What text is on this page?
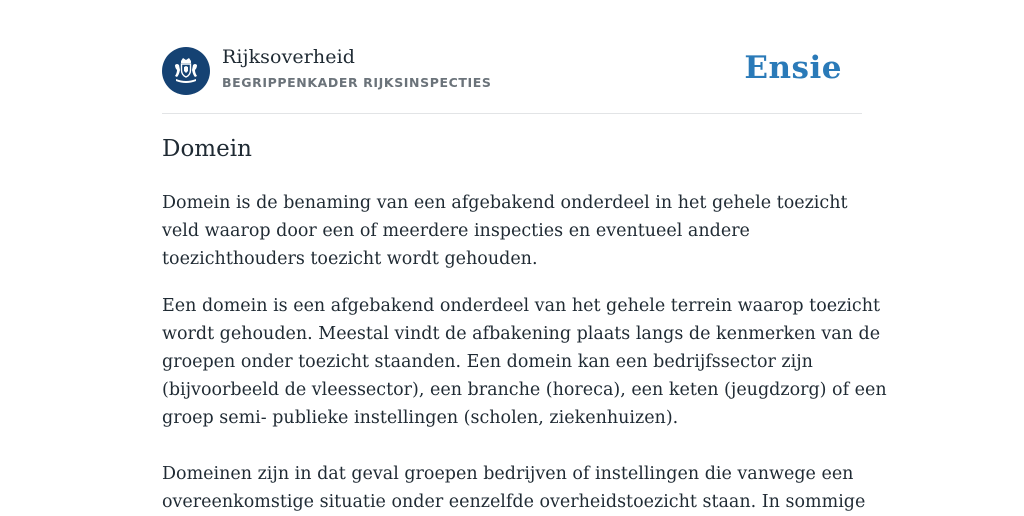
Rijksoverheid
BEGRIPPENKADER RIJKSINSPECTIES	Ensie
Domein

Domein is de benaming van een afgebakend onderdeel in het gehele toezicht
veld waarop door een of meerdere inspecties en eventueel andere
toezichthouders toezicht wordt gehouden.

Een domein is een afgebakend onderdeel van het gehele terrein waarop toezicht
wordt gehouden. Meestal vindt de afbakening plaats langs de kenmerken van de
groepen onder toezicht staanden. Een domein kan een bedrijfssector zijn
(bijvoorbeeld de vleessector), een branche (horeca), een keten (jeugdzorg) of een
groep semi- publieke instellingen (scholen, ziekenhuizen).

Domeinen zijn in dat geval groepen bedrijven of instellingen die vanwege een
overeenkomstige situatie onder eenzelfde overheidstoezicht staan. In sommige
